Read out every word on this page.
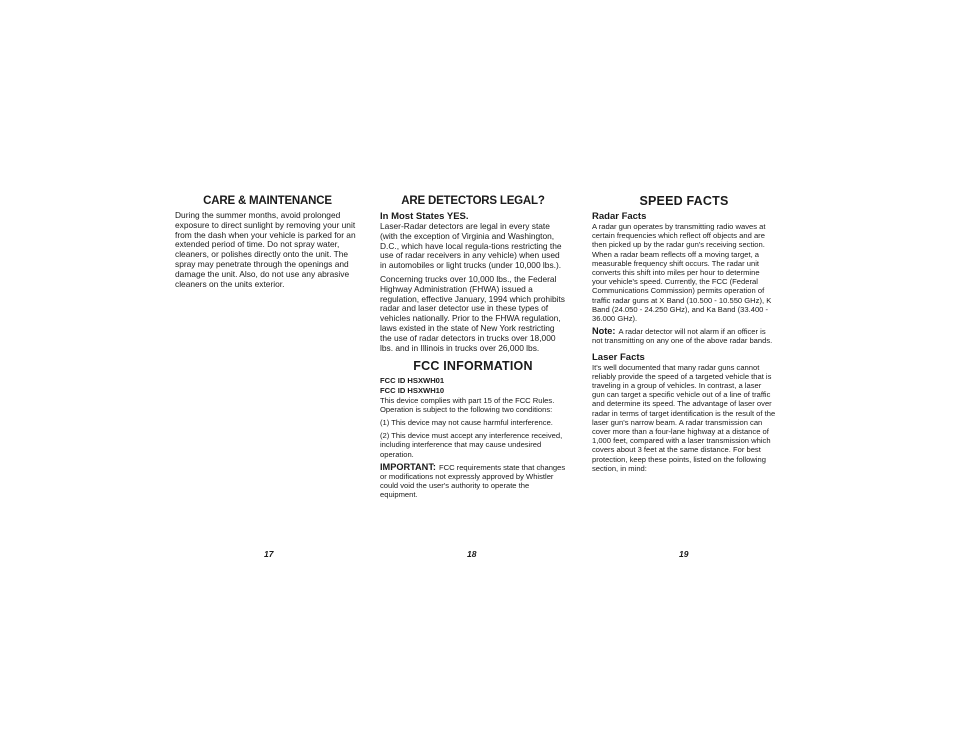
CARE & MAINTENANCE

During the summer months, avoid prolonged exposure to direct sunlight by removing your unit from the dash when your vehicle is parked for an extended period of time. Do not spray water, cleaners, or polishes directly onto the unit. The spray may penetrate through the openings and damage the unit. Also, do not use any abrasive cleaners on the units exterior.

ARE DETECTORS LEGAL?
In Most States YES.

Laser-Radar detectors are legal in every state (with the exception of Virginia and Washington, D.C., which have local regula-tions restricting the use of radar receivers in any vehicle) when used in automobiles or light trucks (under 10,000 lbs.).

Concerning trucks over 10,000 lbs., the Federal Highway Administration (FHWA) issued a regulation, effective January, 1994 which prohibits radar and laser detector use in these types of vehicles nationally. Prior to the FHWA regulation, laws existed in the state of New York restricting the use of radar detectors in trucks over 18,000 lbs. and in Illinois in trucks over 26,000 lbs.

FCC INFORMATION

FCC ID HSXWH01

FCC ID HSXWH10

This device complies with part 15 of the FCC Rules. Operation is subject to the following two conditions:

(1) This device may not cause harmful interference.

(2) This device must accept any interference received, including interference that may cause undesired operation.

IMPORTANT: FCC requirements state that changes or modifications not expressly approved by Whistler could void the user's authority to operate the equipment.

SPEED FACTS
Radar Facts

A radar gun operates by transmitting radio waves at certain frequencies which reflect off objects and are then picked up by the radar gun's receiving section. When a radar beam reflects off a moving target, a measurable frequency shift occurs. The radar unit converts this shift into miles per hour to determine your vehicle's speed. Currently, the FCC (Federal Communications Commission) permits operation of traffic radar guns at X Band (10.500 - 10.550 GHz), K Band (24.050 - 24.250 GHz), and Ka Band (33.400 - 36.000 GHz).

Note: A radar detector will not alarm if an officer is not transmitting on any one of the above radar bands.

Laser Facts

It's well documented that many radar guns cannot reliably provide the speed of a targeted vehicle that is traveling in a group of vehicles. In contrast, a laser gun can target a specific vehicle out of a line of traffic and determine its speed. The advantage of laser over radar in terms of target identification is the result of the laser gun's narrow beam. A radar transmission can cover more than a four-lane highway at a distance of 1,000 feet, compared with a laser transmission which covers about 3 feet at the same distance. For best protection, keep these points, listed on the following section, in mind:

17	18	19
